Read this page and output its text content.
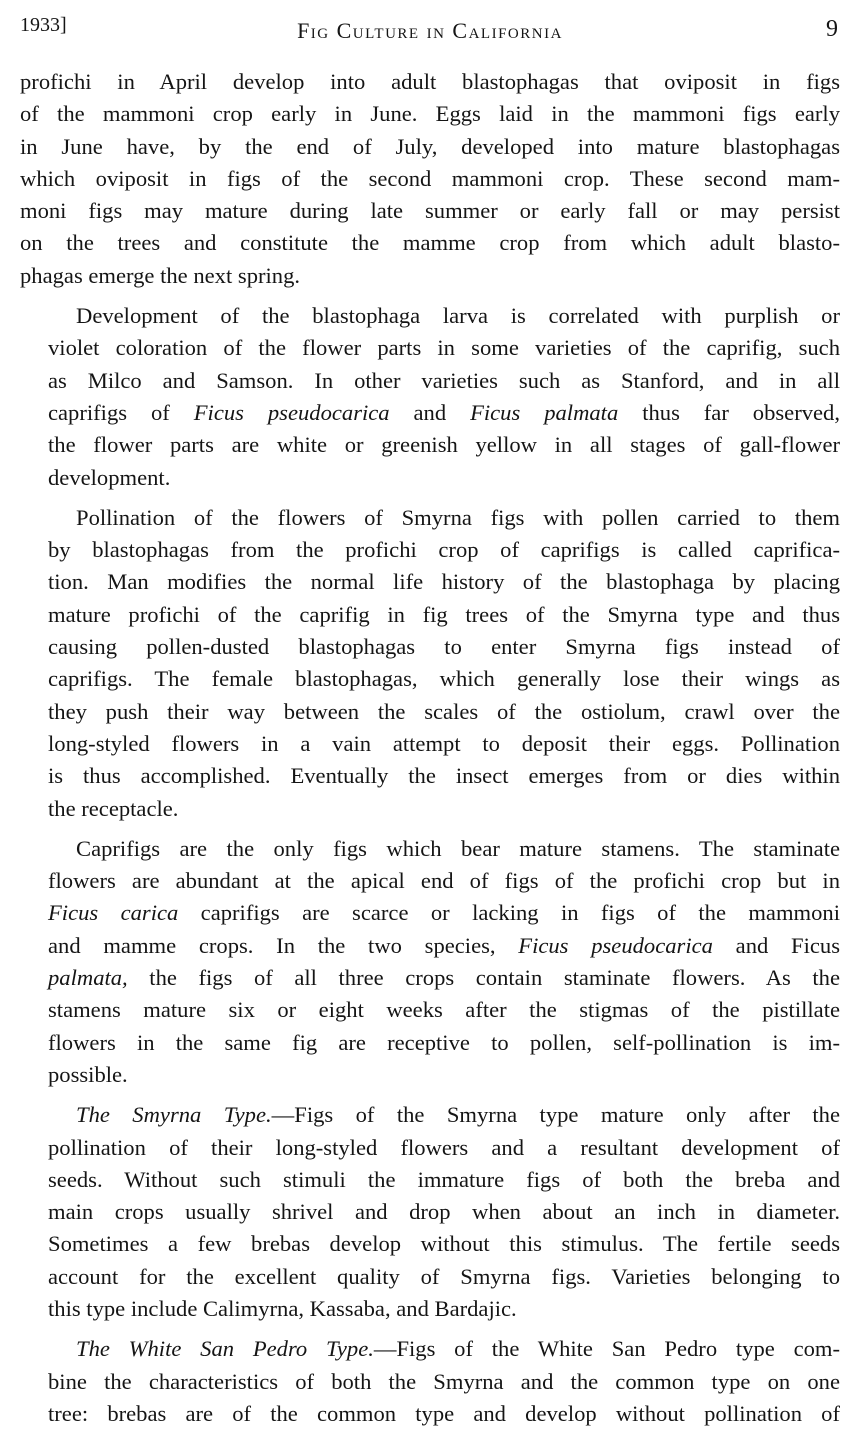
1933]	Fig Culture in California	9

profichi in April develop into adult blastophagas that oviposit in figs
of the mammoni crop early in June. Eggs laid in the mammoni figs early
in June have, by the end of July, developed into mature blastophagas
which oviposit in figs of the second mammoni crop. These second mam-
moni figs may mature during late summer or early fall or may persist
on the trees and constitute the mamme crop from which adult blasto-
phagas emerge the next spring.

Development of the blastophaga larva is correlated with purplish or
violet coloration of the flower parts in some varieties of the caprifig, such
as Milco and Samson. In other varieties such as Stanford, and in all
caprifigs of Ficus pseudocarica and Ficus palmata thus far observed,
the flower parts are white or greenish yellow in all stages of gall-flower
development.

Pollination of the flowers of Smyrna figs with pollen carried to them
by blastophagas from the profichi crop of caprifigs is called caprifica-
tion. Man modifies the normal life history of the blastophaga by placing
mature profichi of the caprifig in fig trees of the Smyrna type and thus
causing pollen-dusted blastophagas to enter Smyrna figs instead of
caprifigs. The female blastophagas, which generally lose their wings as
they push their way between the scales of the ostiolum, crawl over the
long-styled flowers in a vain attempt to deposit their eggs. Pollination
is thus accomplished. Eventually the insect emerges from or dies within
the receptacle.

Caprifigs are the only figs which bear mature stamens. The staminate
flowers are abundant at the apical end of figs of the profichi crop but in
Ficus carica caprifigs are scarce or lacking in figs of the mammoni
and mamme crops. In the two species, Ficus pseudocarica and Ficus
palmata, the figs of all three crops contain staminate flowers. As the
stamens mature six or eight weeks after the stigmas of the pistillate
flowers in the same fig are receptive to pollen, self-pollination is im-
possible.

The Smyrna Type.—Figs of the Smyrna type mature only after the
pollination of their long-styled flowers and a resultant development of
seeds. Without such stimuli the immature figs of both the breba and
main crops usually shrivel and drop when about an inch in diameter.
Sometimes a few brebas develop without this stimulus. The fertile seeds
account for the excellent quality of Smyrna figs. Varieties belonging to
this type include Calimyrna, Kassaba, and Bardajic.

The White San Pedro Type.—Figs of the White San Pedro type com-
bine the characteristics of both the Smyrna and the common type on one
tree: brebas are of the common type and develop without pollination of
